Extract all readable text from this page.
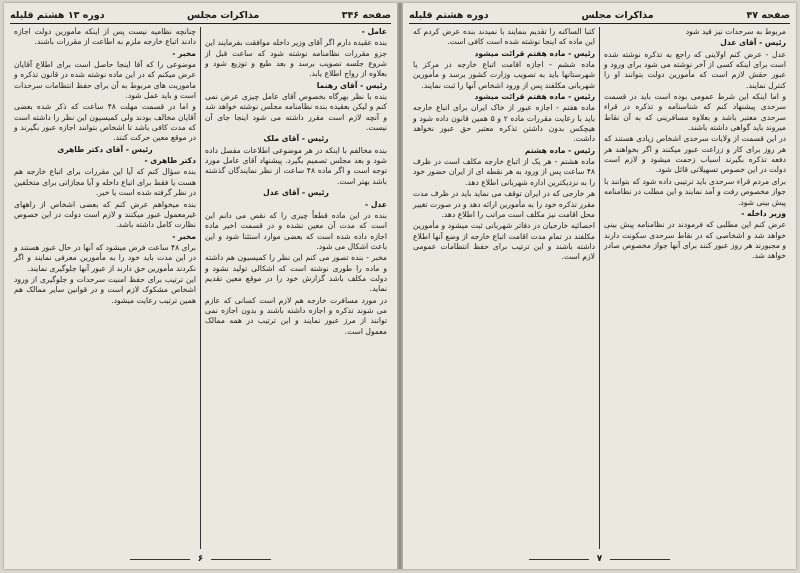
صفحه ۳۴۶
مذاکرات مجلس
دوره ۱۳ هشتم قلیله

عامل -

بنده عقیده دارم اگر آقای وزیر داخله موافقت بفرمایند این جزو مقررات نظامنامه نوشته شود که ساعت قبل از شروع جلسه تصویب برسد و بعد طبع و توزیع شود و بعلاوه از رواج اطلاع یابد.

رئیس - آقای رهنما

بنده با نظر بهرگاه بخصوص آقای عامل چیزی عرض نمی کنم و لیکن بعقیده بنده نظامنامه مجلس نوشته خواهد شد و آنچه لازم است مقرر داشته می شود اینجا جای آن نیست.

رئیس - آقای ملک

بنده مخالفم با اینکه در هر موضوعی اطلاعات مفصل داده شود و بعد مجلس تصمیم بگیرد. پیشنهاد آقای عامل مورد توجه است و اگر ماده ۴۸ ساعت از نظر نمایندگان گذشته باشد بهتر است.

رئیس - آقای عدل

عدل -

بنده در این ماده قطعاً چیزی را که نقص می دانم این است که مدت آن معین نشده و در قسمت اخیر ماده اجازه داده شده است که بعضی موارد استثنا شود و این باعث اشکال می شود.

مخبر - بنده تصور می کنم این نظر را کمیسیون هم داشته و ماده را طوری نوشته است که اشکالی تولید نشود و دولت مکلف باشد گزارش خود را در موقع معین تقدیم نماید.

در مورد مسافرت خارجه هم لازم است کسانی که عازم می شوند تذکره و اجازه داشته باشند و بدون اجازه نمی توانند از مرز عبور نمایند و این ترتیب در همه ممالک معمول است.

چنانچه نظامیه نیست پس از اینکه مأمورین دولت اجازه دادند اتباع خارجه ملزم به اطاعت از مقررات باشند.

مخبر -

موضوعی را که آقا اینجا حاصل است برای اطلاع آقایان عرض میکنم که در این ماده نوشته شده در قانون تذکره و ماموریت های مربوط به آن برای حفظ انتظامات سرحدات است و باید عمل شود.

و اما در قسمت مهلت ۴۸ ساعت که ذکر شده بعضی آقایان مخالف بودند ولی کمیسیون این نظر را داشته است که مدت کافی باشد تا اشخاص بتوانند اجازه عبور بگیرند و در موقع معین حرکت کنند.

رئیس - آقای دکتر طاهری

دکتر طاهری -

بنده سؤال کنم که آیا این مقررات برای اتباع خارجه هم هست یا فقط برای اتباع داخله و آیا مجازاتی برای متخلفین در نظر گرفته شده است یا خیر.

بنده میخواهم عرض کنم که بعضی اشخاص از راههای غیرمعمول عبور میکنند و لازم است دولت در این خصوص نظارت کامل داشته باشد.

مخبر -

برای ۴۸ ساعت فرض میشود که آنها در حال عبور هستند و در این مدت باید خود را به مأمورین معرفی نمایند و اگر نکردند مأمورین حق دارند از عبور آنها جلوگیری نمایند.

این ترتیب برای حفظ امنیت سرحدات و جلوگیری از ورود اشخاص مشکوک لازم است و در قوانین سایر ممالک هم همین ترتیب رعایت میشود.

۶
صفحه ۴۷
مذاکرات مجلس
دوره هشتم قلیله

مربوط به سرحدات نیز قید شود

رئیس - آقای عدل

عدل - عرض کنم اولاینی که راجع به تذکره نوشته شده است برای اینکه کسی از آخر نوشته می شود برای ورود و عبور حقش لازم است که مأمورین دولت بتوانند او را کنترل نمایند.

و اما اینکه این شرط عمومی بوده است باید در قسمت سرحدی پیشنهاد کنم که شناسنامه و تذکره در قراء سرحدی معتبر باشد و بعلاوه مسافرینی که به آن نقاط میروند باید گواهی داشته باشند.

در این قسمت از ولایات سرحدی اشخاص زیادی هستند که هر روز برای کار و زراعت عبور میکنند و اگر بخواهند هر دفعه تذکره بگیرند اسباب زحمت میشود و لازم است دولت در این خصوص تسهیلاتی قائل شود.

برای مردم قراء سرحدی باید ترتیبی داده شود که بتوانند با جواز مخصوص رفت و آمد نمایند و این مطلب در نظامنامه پیش بینی شود.

وزیر داخله -

عرض کنم این مطلبی که فرمودند در نظامنامه پیش بینی خواهد شد و اشخاصی که در نقاط سرحدی سکونت دارند و مجبورند هر روز عبور کنند برای آنها جواز مخصوص صادر خواهد شد.

کتبا الساکنه را تقدیم بنمایند با نمیدند بنده عرض کردم که این ماده که اینجا نوشته شده است کافی است.

رئیس - ماده هفتم قرائت میشود

ماده ششم - اجازه اقامت اتباع خارجه در مرکز یا شهرستانها باید به تصویب وزارت کشور برسد و مأمورین شهربانی مکلفند پس از ورود اشخاص آنها را ثبت نمایند.

رئیس - ماده هفتم قرائت میشود

ماده هفتم - اجازه عبور از خاک ایران برای اتباع خارجه باید با رعایت مقررات ماده ۲ و ۵ همین قانون داده شود و هیچکس بدون داشتن تذکره معتبر حق عبور نخواهد داشت.

رئیس - ماده هشتم

ماده هشتم - هر یک از اتباع خارجه مکلف است در ظرف ۴۸ ساعت پس از ورود به هر نقطه ای از ایران حضور خود را به نزدیکترین اداره شهربانی اطلاع دهد.

هر خارجی که در ایران توقف می نماید باید در ظرف مدت مقرر تذکره خود را به مأمورین ارائه دهد و در صورت تغییر محل اقامت نیز مکلف است مراتب را اطلاع دهد.

احصائیه خارجیان در دفاتر شهربانی ثبت میشود و مأمورین مکلفند در تمام مدت اقامت اتباع خارجه از وضع آنها اطلاع داشته باشند و این ترتیب برای حفظ انتظامات عمومی لازم است.

۷
